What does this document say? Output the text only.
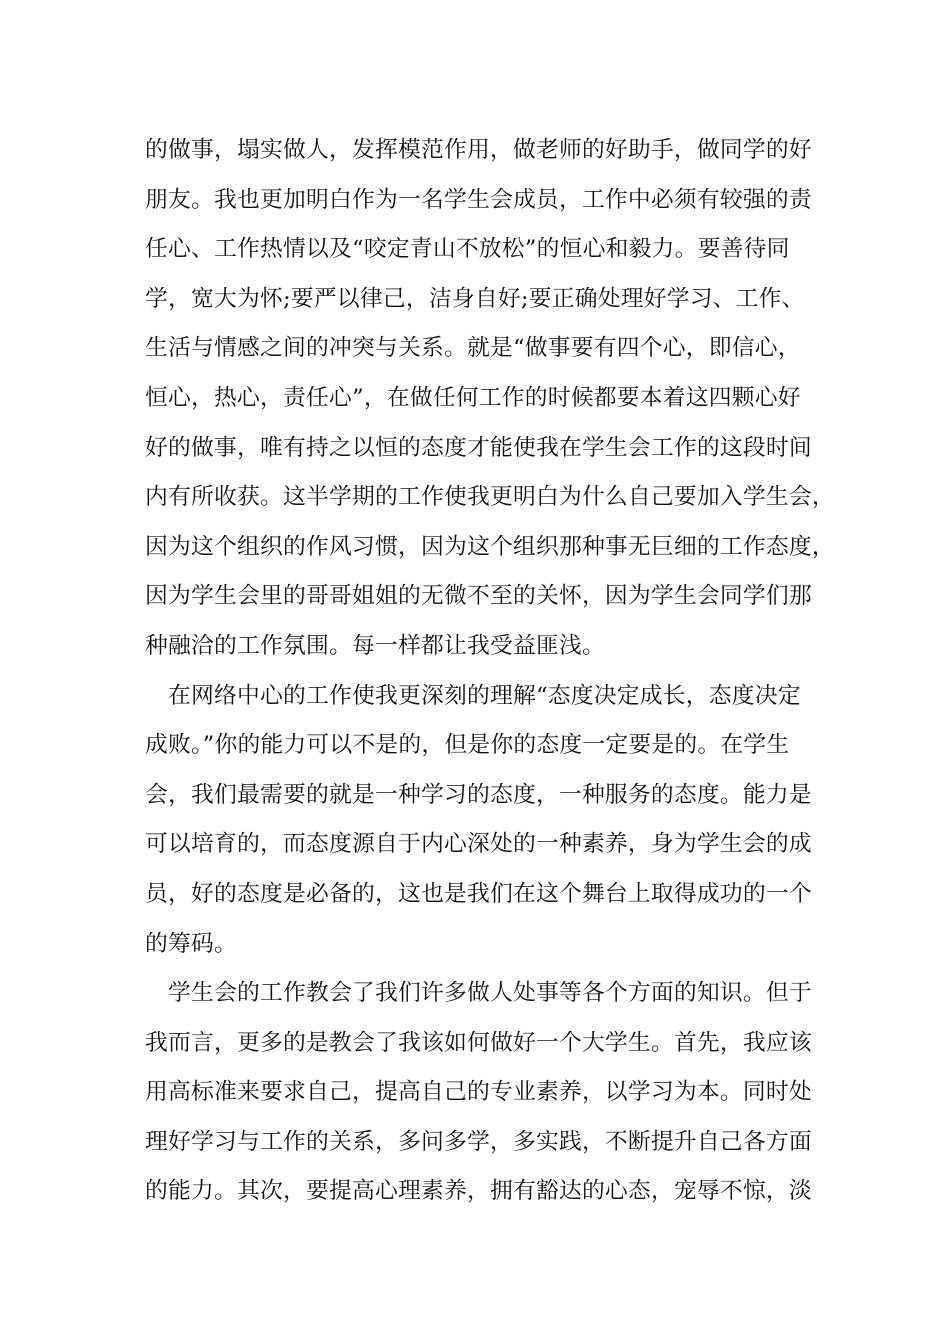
的做事，塌实做人，发挥模范作用，做老师的好助手，做同学的好
朋友。我也更加明白作为一名学生会成员，工作中必须有较强的责
任心、工作热情以及“咬定青山不放松”的恒心和毅力。要善待同
学，宽大为怀;要严以律己，洁身自好;要正确处理好学习、工作、
生活与情感之间的冲突与关系。就是“做事要有四个心，即信心，
恒心，热心，责任心”，在做任何工作的时候都要本着这四颗心好
好的做事，唯有持之以恒的态度才能使我在学生会工作的这段时间
内有所收获。这半学期的工作使我更明白为什么自己要加入学生会，
因为这个组织的作风习惯，因为这个组织那种事无巨细的工作态度，
因为学生会里的哥哥姐姐的无微不至的关怀，因为学生会同学们那
种融洽的工作氛围。每一样都让我受益匪浅。
　在网络中心的工作使我更深刻的理解“态度决定成长，态度决定
成败。”你的能力可以不是的，但是你的态度一定要是的。在学生
会，我们最需要的就是一种学习的态度，一种服务的态度。能力是
可以培育的，而态度源自于内心深处的一种素养，身为学生会的成
员，好的态度是必备的，这也是我们在这个舞台上取得成功的一个
的筹码。
　学生会的工作教会了我们许多做人处事等各个方面的知识。但于
我而言，更多的是教会了我该如何做好一个大学生。首先，我应该
用高标准来要求自己，提高自己的专业素养，以学习为本。同时处
理好学习与工作的关系，多问多学，多实践，不断提升自己各方面
的能力。其次，要提高心理素养，拥有豁达的心态，宠辱不惊，淡
